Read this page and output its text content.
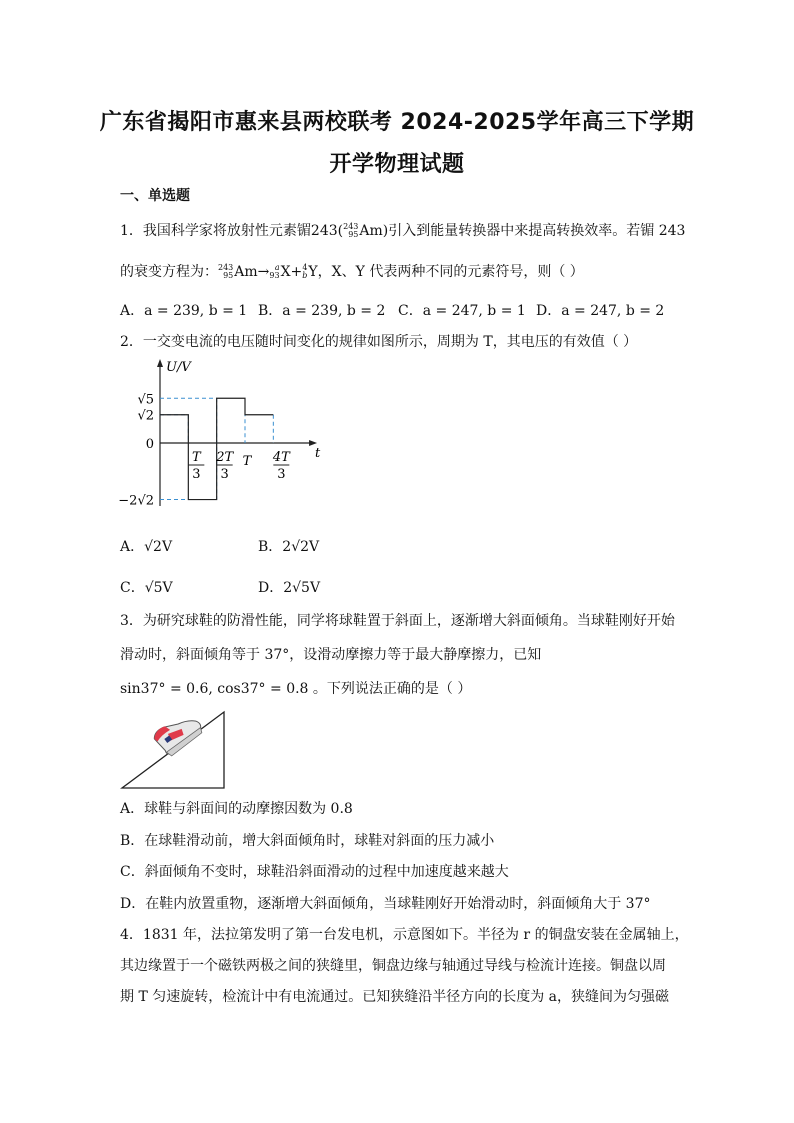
广东省揭阳市惠来县两校联考 2024-2025学年高三下学期
开学物理试题
一、单选题
1．我国科学家将放射性元素镅243(243
95Am)引入到能量转换器中来提高转换效率。若镅 243
的衰变方程为：243
95Am→ a
93X+4
bY，X、Y 代表两种不同的元素符号，则（ ）
A．a = 239, b = 1 B．a = 239, b = 2 C．a = 247, b = 1 D．a = 247, b = 2
2．一交变电流的电压随时间变化的规律如图所示，周期为 T，其电压的有效值（ ）
√5
√2
0
−2√2
U/V
t
T
3
2T
3
T 4T
3
A．√2V	B．2√2V
C．√5V	D．2√5V
3．为研究球鞋的防滑性能，同学将球鞋置于斜面上，逐渐增大斜面倾角。当球鞋刚好开始
滑动时，斜面倾角等于 37°，设滑动摩擦力等于最大静摩擦力，已知
sin37° = 0.6, cos37° = 0.8 。下列说法正确的是（ ）
A．球鞋与斜面间的动摩擦因数为 0.8
B．在球鞋滑动前，增大斜面倾角时，球鞋对斜面的压力减小
C．斜面倾角不变时，球鞋沿斜面滑动的过程中加速度越来越大
D．在鞋内放置重物，逐渐增大斜面倾角，当球鞋刚好开始滑动时，斜面倾角大于 37°
4．1831 年，法拉第发明了第一台发电机，示意图如下。半径为 r 的铜盘安装在金属轴上，
其边缘置于一个磁铁两极之间的狭缝里，铜盘边缘与轴通过导线与检流计连接。铜盘以周
期 T 匀速旋转，检流计中有电流通过。已知狭缝沿半径方向的长度为 a，狭缝间为匀强磁
